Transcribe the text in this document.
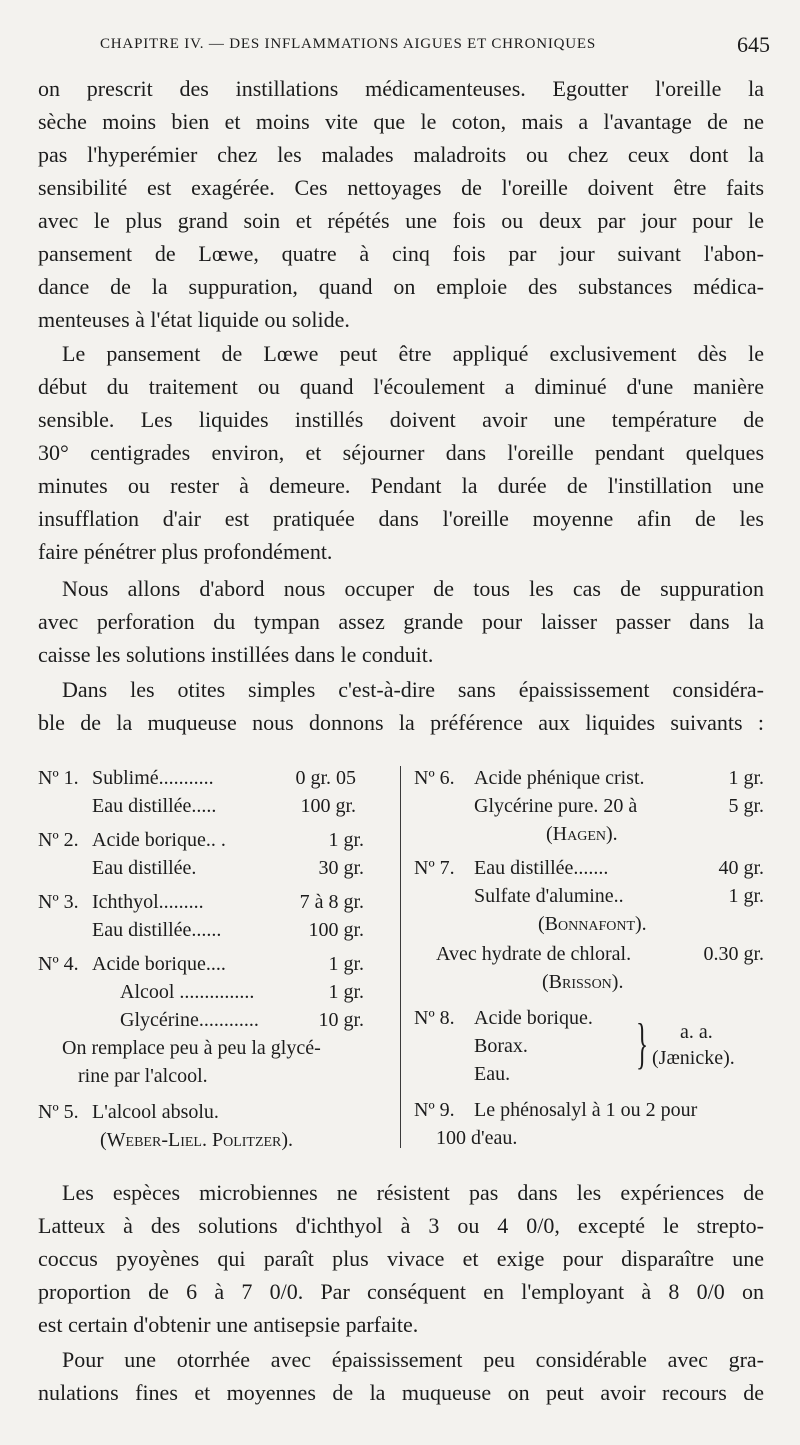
CHAPITRE IV. — DES INFLAMMATIONS AIGUES ET CHRONIQUES	645
on prescrit des instillations médicamenteuses. Egoutter l'oreille la
sèche moins bien et moins vite que le coton, mais a l'avantage de ne
pas l'hyperémier chez les malades maladroits ou chez ceux dont la
sensibilité est exagérée. Ces nettoyages de l'oreille doivent être faits
avec le plus grand soin et répétés une fois ou deux par jour pour le
pansement de Lœwe, quatre à cinq fois par jour suivant l'abon-
dance de la suppuration, quand on emploie des substances médica-
menteuses à l'état liquide ou solide.
Le pansement de Lœwe peut être appliqué exclusivement dès le
début du traitement ou quand l'écoulement a diminué d'une manière
sensible. Les liquides instillés doivent avoir une température de
30° centigrades environ, et séjourner dans l'oreille pendant quelques
minutes ou rester à demeure. Pendant la durée de l'instillation une
insufflation d'air est pratiquée dans l'oreille moyenne afin de les
faire pénétrer plus profondément.
Nous allons d'abord nous occuper de tous les cas de suppuration
avec perforation du tympan assez grande pour laisser passer dans la
caisse les solutions instillées dans le conduit.
Dans les otites simples c'est-à-dire sans épaississement considéra-
ble de la muqueuse nous donnons la préférence aux liquides suivants :
Nº 1. Sublimé...........	0 gr. 05
Eau distillée.....	100 gr.
Nº 2. Acide borique.. .	1 gr.
Eau distillée.	30 gr.
Nº 3. Ichthyol.........	7 à 8 gr.
Eau distillée......	100 gr.
Nº 4. Acide borique....	1 gr.
Alcool ...............	1 gr.
Glycérine............	10 gr.
On remplace peu à peu la glycé-
rine par l'alcool.
Nº 5. L'alcool absolu.
(Weber-Liel. Politzer).
Nº 6. Acide phénique crist.	1 gr.
Glycérine pure. 20 à	5 gr.
(Hagen).
Nº 7. Eau distillée.......	40 gr.
Sulfate d'alumine..	1 gr.
(Bonnafont).
Avec hydrate de chloral.	0.30 gr.
(Brisson).
Nº 8. Acide borique.
Borax.
Eau. } a. a.
(Jænicke).
Nº 9. Le phénosalyl à 1 ou 2 pour
100 d'eau.
Les espèces microbiennes ne résistent pas dans les expériences de
Latteux à des solutions d'ichthyol à 3 ou 4 0/0, excepté le strepto-
coccus pyoyènes qui paraît plus vivace et exige pour disparaître une
proportion de 6 à 7 0/0. Par conséquent en l'employant à 8 0/0 on
est certain d'obtenir une antisepsie parfaite.
Pour une otorrhée avec épaississement peu considérable avec gra-
nulations fines et moyennes de la muqueuse on peut avoir recours de
